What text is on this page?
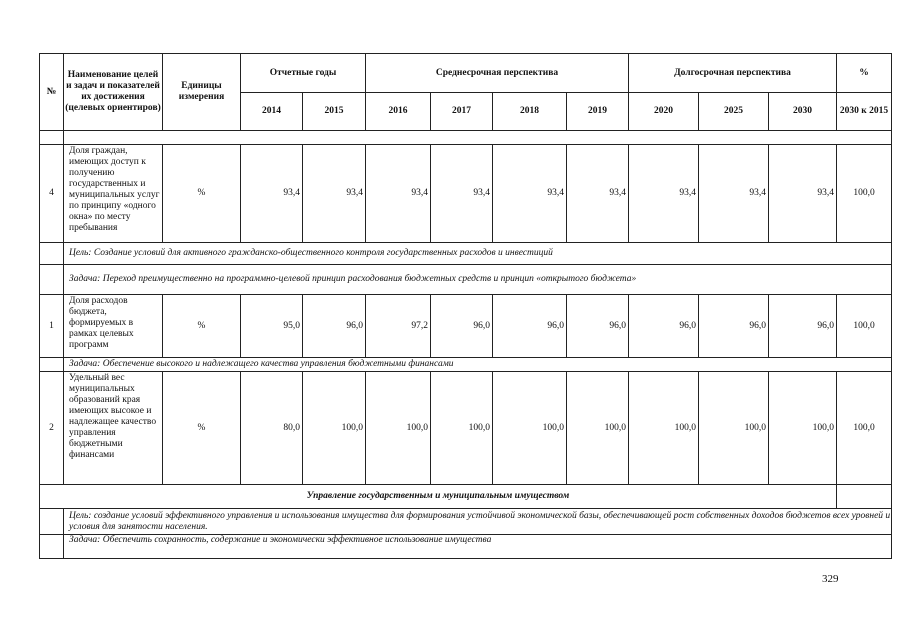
№	Наименование целей и задач и показателей их достижения (целевых ориентиров)	Единицы измерения	Отчетные годы		Среднесрочная перспектива				Долгосрочная перспектива			%
			2014	2015	2016	2017	2018	2019	2020	2025	2030	2030 к 2015

4	Доля граждан, имеющих доступ к получению государственных и муниципальных услуг по принципу «одного окна» по месту пребывания	%	93,4	93,4	93,4	93,4	93,4	93,4	93,4	93,4	93,4	100,0
	Цель: Создание условий для активного гражданско-общественного контроля государственных расходов и инвестиций											
	Задача: Переход преимущественно на программно-целевой принцип расходования бюджетных средств и принцип «открытого бюджета»											
1	Доля расходов бюджета, формируемых в рамках целевых программ	%	95,0	96,0	97,2	96,0	96,0	96,0	96,0	96,0	96,0	100,0
	Задача: Обеспечение высокого и надлежащего качества управления бюджетными финансами											
2	Удельный вес муниципальных образований края имеющих высокое и надлежащее качество управления бюджетными финансами	%	80,0	100,0	100,0	100,0	100,0	100,0	100,0	100,0	100,0	100,0
Управление государственным и муниципальным имуществом												
	Цель: создание условий эффективного управления и использования имущества для формирования устойчивой экономической базы, обеспечивающей рост собственных доходов бюджетов всех уровней и условия для занятости населения.											
	Задача: Обеспечить сохранность, содержание и экономически эффективное использование имущества											
329
